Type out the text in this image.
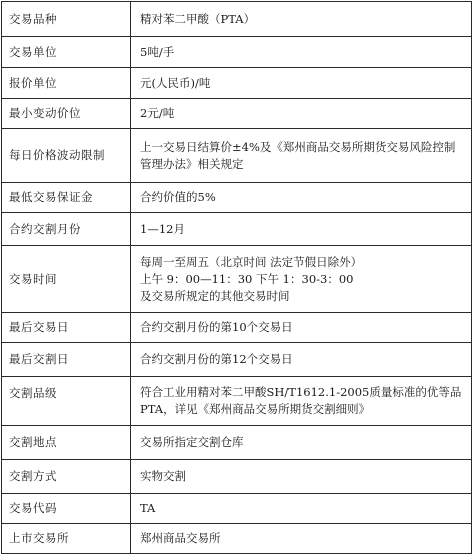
交易品种	精对苯二甲酸（PTA）
交易单位	5吨/手
报价单位	元(人民币)/吨
最小变动价位	2元/吨
每日价格波动限制	上一交易日结算价±4%及《郑州商品交易所期货交易风险控制管理办法》相关规定
最低交易保证金	合约价值的5%
合约交割月份	1—12月
交易时间	每周一至周五（北京时间 法定节假日除外）
上午 9：00—11：30 下午 1：30-3：00
及交易所规定的其他交易时间

最后交易日	合约交割月份的第10个交易日
最后交割日	合约交割月份的第12个交易日
交割品级	符合工业用精对苯二甲酸SH/T1612.1-2005质量标准的优等品PTA，详见《郑州商品交易所期货交割细则》
交割地点	交易所指定交割仓库
交割方式	实物交割
交易代码	TA
上市交易所	郑州商品交易所
